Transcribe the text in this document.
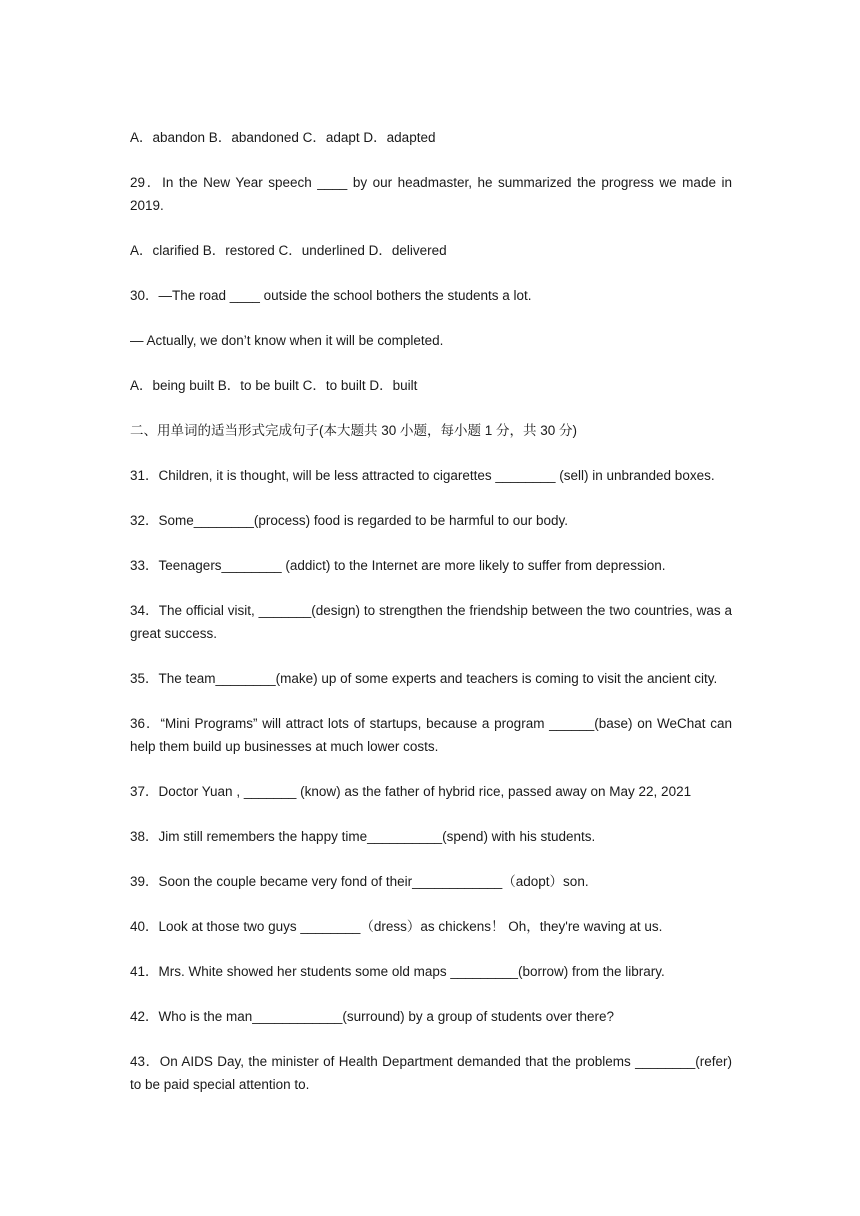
A．abandon B．abandoned C．adapt D．adapted

29．In the New Year speech ____ by our headmaster, he summarized the progress we made in 2019.

A．clarified B．restored C．underlined D．delivered

30．—The road ____ outside the school bothers the students a lot.

— Actually, we don’t know when it will be completed.

A．being built B．to be built C．to built D．built

二、用单词的适当形式完成句子(本大题共 30 小题，每小题 1 分，共 30 分)

31．Children, it is thought, will be less attracted to cigarettes ________ (sell) in unbranded boxes.

32．Some________(process) food is regarded to be harmful to our body.

33．Teenagers________ (addict) to the Internet are more likely to suffer from depression.

34．The official visit, _______(design) to strengthen the friendship between the two countries, was a great success.

35．The team________(make) up of some experts and teachers is coming to visit the ancient city.

36．“Mini Programs” will attract lots of startups, because a program ______(base) on WeChat can help them build up businesses at much lower costs.

37．Doctor Yuan , _______ (know) as the father of hybrid rice, passed away on May 22, 2021

38．Jim still remembers the happy time__________(spend) with his students.

39．Soon the couple became very fond of their____________（adopt）son.

40．Look at those two guys ________（dress）as chickens！ Oh，they're waving at us.

41．Mrs. White showed her students some old maps _________(borrow) from the library.

42．Who is the man____________(surround) by a group of students over there?

43．On AIDS Day, the minister of Health Department demanded that the problems ________(refer) to be paid special attention to.
